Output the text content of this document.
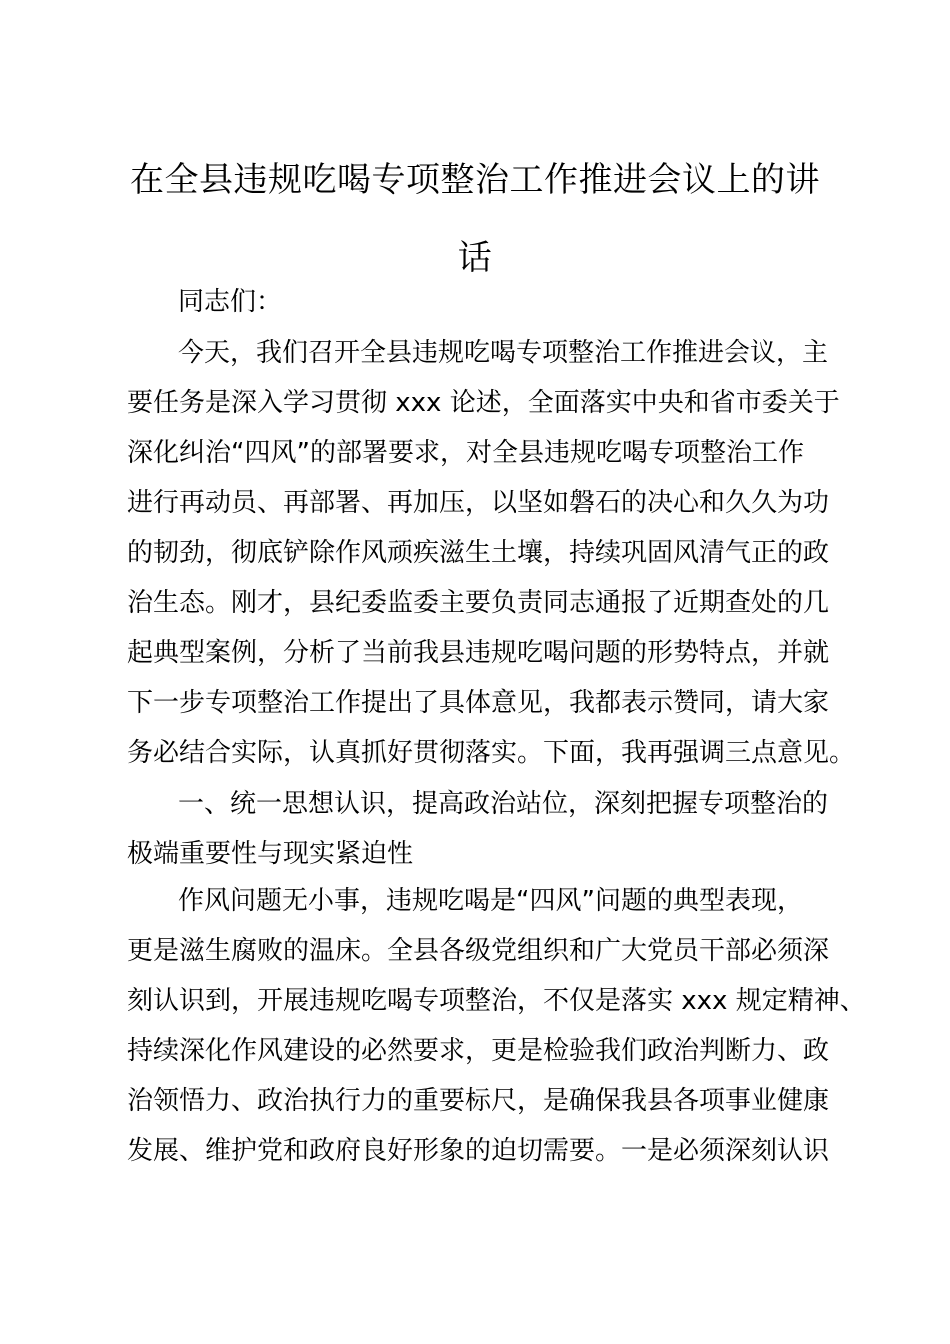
在全县违规吃喝专项整治工作推进会议上的讲
话
同志们：
今天，我们召开全县违规吃喝专项整治工作推进会议，主
要任务是深入学习贯彻 xxx 论述，全面落实中央和省市委关于
深化纠治“四风”的部署要求，对全县违规吃喝专项整治工作
进行再动员、再部署、再加压，以坚如磐石的决心和久久为功
的韧劲，彻底铲除作风顽疾滋生土壤，持续巩固风清气正的政
治生态。刚才，县纪委监委主要负责同志通报了近期查处的几
起典型案例，分析了当前我县违规吃喝问题的形势特点，并就
下一步专项整治工作提出了具体意见，我都表示赞同，请大家
务必结合实际，认真抓好贯彻落实。下面，我再强调三点意见。
一、统一思想认识，提高政治站位，深刻把握专项整治的
极端重要性与现实紧迫性
作风问题无小事，违规吃喝是“四风”问题的典型表现，
更是滋生腐败的温床。全县各级党组织和广大党员干部必须深
刻认识到，开展违规吃喝专项整治，不仅是落实 xxx 规定精神、
持续深化作风建设的必然要求，更是检验我们政治判断力、政
治领悟力、政治执行力的重要标尺，是确保我县各项事业健康
发展、维护党和政府良好形象的迫切需要。一是必须深刻认识
